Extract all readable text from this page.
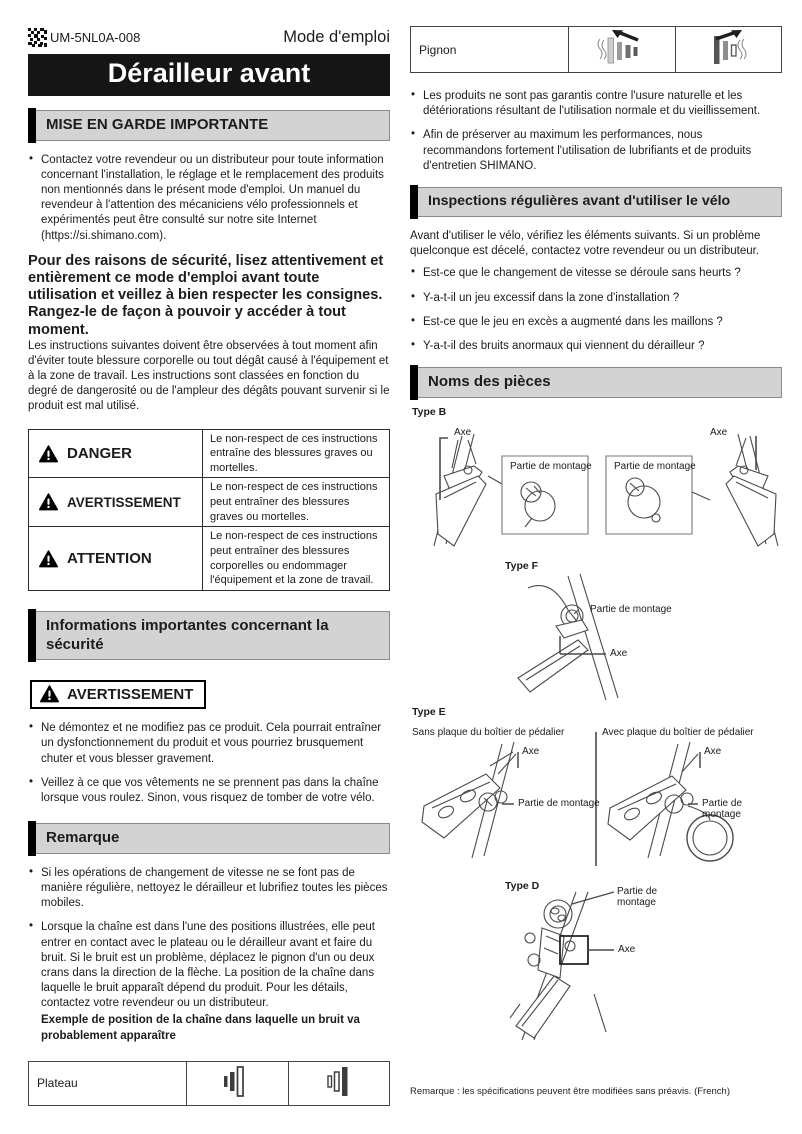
UM-5NL0A-008	Mode d'emploi
Dérailleur avant
MISE EN GARDE IMPORTANTE
• Contactez votre revendeur ou un distributeur pour toute information concernant l'installation, le réglage et le remplacement des produits non mentionnés dans le présent mode d'emploi. Un manuel du revendeur à l'attention des mécaniciens vélo professionnels et expérimentés peut être consulté sur notre site Internet (https://si.shimano.com).
Pour des raisons de sécurité, lisez attentivement et entièrement ce mode d'emploi avant toute utilisation et veillez à bien respecter les consignes. Rangez-le de façon à pouvoir y accéder à tout moment.
Les instructions suivantes doivent être observées à tout moment afin d'éviter toute blessure corporelle ou tout dégât causé à l'équipement et à la zone de travail. Les instructions sont classées en fonction du degré de dangerosité ou de l'ampleur des dégâts pouvant survenir si le produit est mal utilisé.
DANGER	Le non-respect de ces instructions entraîne des blessures graves ou mortelles.

AVERTISSEMENT	Le non-respect de ces instructions peut entraîner des blessures graves ou mortelles.

ATTENTION	Le non-respect de ces instructions peut entraîner des blessures corporelles ou endommager l'équipement et la zone de travail.
Informations importantes concernant la sécurité
AVERTISSEMENT
• Ne démontez et ne modifiez pas ce produit. Cela pourrait entraîner un dysfonctionnement du produit et vous pourriez brusquement chuter et vous blesser gravement.
• Veillez à ce que vos vêtements ne se prennent pas dans la chaîne lorsque vous roulez. Sinon, vous risquez de tomber de votre vélo.
Remarque
• Si les opérations de changement de vitesse ne se font pas de manière régulière, nettoyez le dérailleur et lubrifiez toutes les pièces mobiles.
• Lorsque la chaîne est dans l'une des positions illustrées, elle peut entrer en contact avec le plateau ou le dérailleur avant et faire du bruit. Si le bruit est un problème, déplacez le pignon d'un ou deux crans dans la direction de la flèche. La position de la chaîne dans laquelle le bruit apparaît dépend du produit. Pour les détails, contactez votre revendeur ou un distributeur.
Exemple de position de la chaîne dans laquelle un bruit va probablement apparaître
Plateau		
Pignon		
• Les produits ne sont pas garantis contre l'usure naturelle et les détériorations résultant de l'utilisation normale et du vieillissement.
• Afin de préserver au maximum les performances, nous recommandons fortement l'utilisation de lubrifiants et de produits d'entretien SHIMANO.
Inspections régulières avant d'utiliser le vélo
Avant d'utiliser le vélo, vérifiez les éléments suivants. Si un problème quelconque est décelé, contactez votre revendeur ou un distributeur.
• Est-ce que le changement de vitesse se déroule sans heurts ?
• Y-a-t-il un jeu excessif dans la zone d'installation ?
• Est-ce que le jeu en excès a augmenté dans les maillons ?
• Y-a-t-il des bruits anormaux qui viennent du dérailleur ?
Noms des pièces
Type B
Axe
Partie de montage Partie de montage
Axe
Type F
Partie de montage
Axe
Type E
Sans plaque du boîtier de pédalier	Avec plaque du boîtier de pédalier
Axe
Partie de montage
Axe
Partie de montage
Type D	Partie de montage
Axe
Remarque : les spécifications peuvent être modifiées sans préavis. (French)
